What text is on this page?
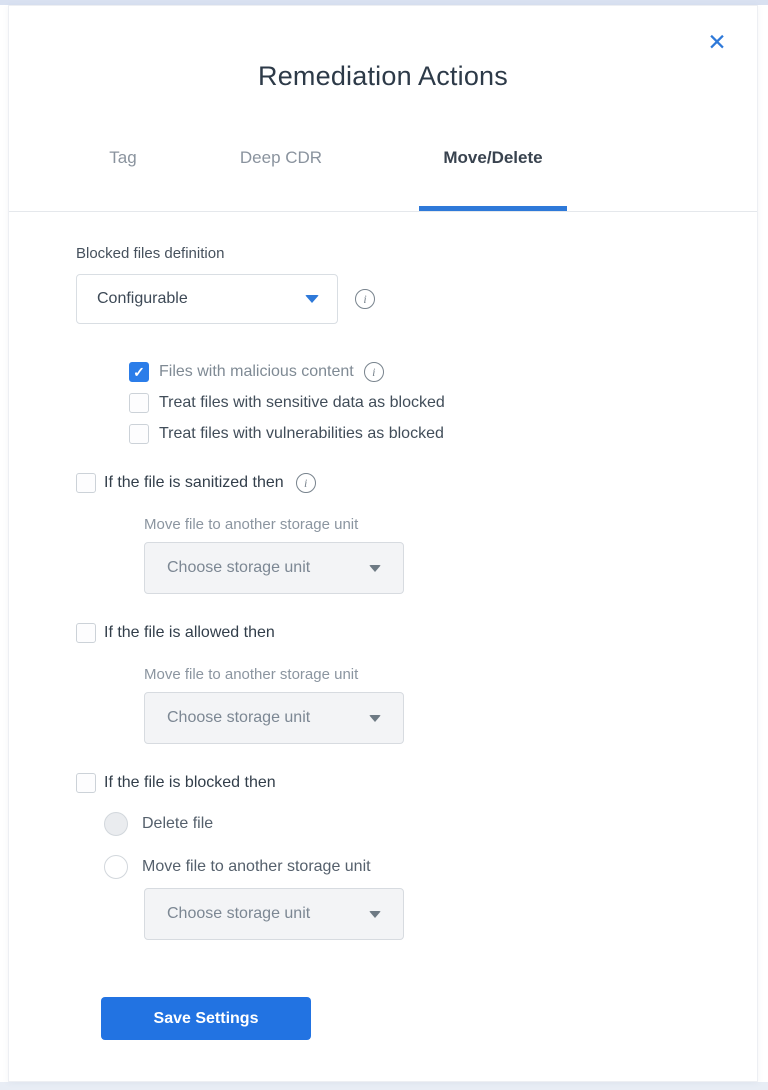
✕
Remediation Actions
Tag	Deep CDR	Move/Delete
Blocked files definition
Configurable	i
✓ Files with malicious content	i
Treat files with sensitive data as blocked
Treat files with vulnerabilities as blocked
If the file is sanitized then	i
Move file to another storage unit
Choose storage unit
If the file is allowed then
Move file to another storage unit
Choose storage unit
If the file is blocked then
Delete file
Move file to another storage unit
Choose storage unit
Save Settings
